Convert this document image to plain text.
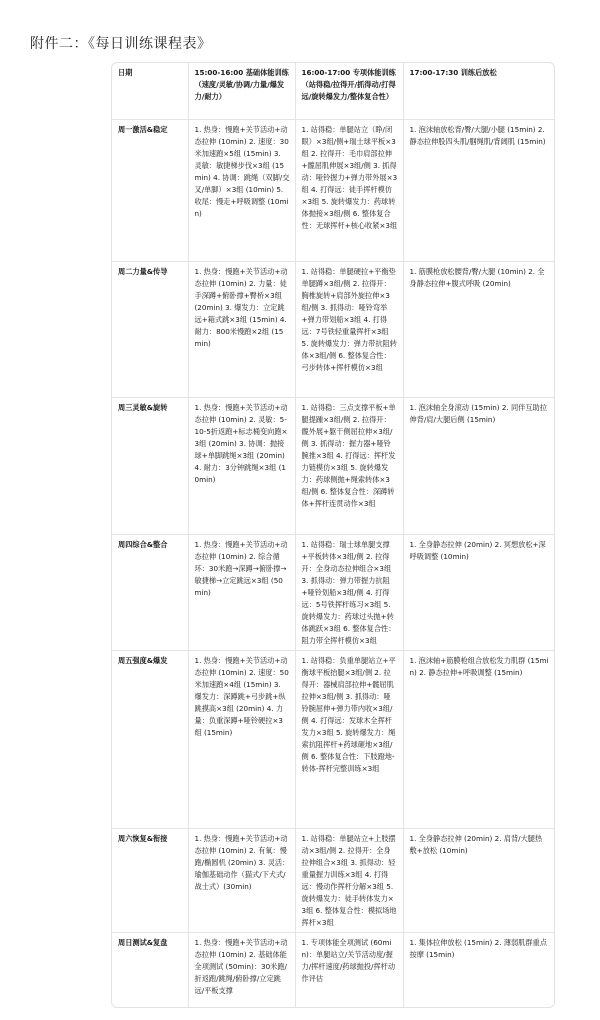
附件二：《每日训练课程表》
日期	15:00-16:00 基础体能训练（速度/灵敏/协调/力量/爆发力/耐力）	16:00-17:00 专项体能训练（站得稳/拉得开/抓得动/打得远/旋转爆发力/整体复合性）	17:00-17:30 训练后放松
周一激活&稳定	1. 热身：慢跑+关节活动+动态拉伸 (10min) 2. 速度：30米加速跑×5组 (15min) 3. 灵敏：敏捷梯步伐×3组 (15min) 4. 协调：跳绳（双脚/交叉/单脚）×3组 (10min) 5. 收尾：慢走+呼吸调整 (10min)	1. 站得稳：单腿站立（睁/闭眼）×3组/侧+瑞士球平板×3组 2. 拉得开：毛巾肩部拉伸+髋屈肌伸展×3组/侧 3. 抓得动：哑铃握力+弹力带外展×3组 4. 打得远：徒手挥杆模仿×3组 5. 旋转爆发力：药球转体抛接×3组/侧 6. 整体复合性：无球挥杆+核心收紧×3组	1. 泡沫轴放松背/臀/大腿/小腿 (15min) 2. 静态拉伸股四头肌/腘绳肌/背阔肌 (15min)
周二力量&传导	1. 热身：慢跑+关节活动+动态拉伸 (10min) 2. 力量：徒手深蹲+俯卧撑+臀桥×3组 (20min) 3. 爆发力：立定跳远+箱式跳×3组 (15min) 4. 耐力：800米慢跑×2组 (15min)	1. 站得稳：单腿硬拉+平衡垫单腿蹲×3组/侧 2. 拉得开：胸椎旋转+肩部外旋拉伸×3组/侧 3. 抓得动：哑铃弯举+弹力带划船×3组 4. 打得远：7号铁轻重量挥杆×3组 5. 旋转爆发力：弹力带抗阻转体×3组/侧 6. 整体复合性：弓步转体+挥杆模仿×3组	1. 筋膜枪放松腰背/臀/大腿 (10min) 2. 全身静态拉伸+腹式呼吸 (20min)
周三灵敏&旋转	1. 热身：慢跑+关节活动+动态拉伸 (10min) 2. 灵敏：5-10-5折返跑+标志桶变向跑×3组 (20min) 3. 协调：抛接球+单脚跳绳×3组 (20min) 4. 耐力：3分钟跳绳×3组 (10min)	1. 站得稳：三点支撑平板+单腿提踵×3组/侧 2. 拉得开：髋外展+躯干侧屈拉伸×3组/侧 3. 抓得动：握力器+哑铃腕推×3组 4. 打得远：挥杆发力链模仿×3组 5. 旋转爆发力：药球侧抛+绳索转体×3组/侧 6. 整体复合性：深蹲转体+挥杆连贯动作×3组	1. 泡沫轴全身滚动 (15min) 2. 同伴互助拉伸背/肩/大腿后侧 (15min)
周四综合&整合	1. 热身：慢跑+关节活动+动态拉伸 (10min) 2. 综合循环：30米跑→深蹲→俯卧撑→敏捷梯→立定跳远×3组 (50min)	1. 站得稳：瑞士球单腿支撑+平板转体×3组/侧 2. 拉得开：全身动态拉伸组合×3组 3. 抓得动：弹力带握力抗阻+哑铃划船×3组/侧 4. 打得远：5号铁挥杆练习×3组 5. 旋转爆发力：药球过头抛+转体跳跃×3组 6. 整体复合性：阻力带全挥杆模仿×3组	1. 全身静态拉伸 (20min) 2. 冥想放松+深呼吸调整 (10min)
周五强度&爆发	1. 热身：慢跑+关节活动+动态拉伸 (10min) 2. 速度：50米加速跑×4组 (15min) 3. 爆发力：深蹲跳+弓步跳+纵跳摸高×3组 (20min) 4. 力量：负重深蹲+哑铃硬拉×3组 (15min)	1. 站得稳：负重单腿站立+平衡球平板抬腿×3组/侧 2. 拉得开：器械肩部拉伸+髋屈肌拉伸×3组/侧 3. 抓得动：哑铃腕屈伸+弹力带内收×3组/侧 4. 打得远：发球木全挥杆发力×3组 5. 旋转爆发力：绳索抗阻挥杆+药球砸地×3组/侧 6. 整体复合性：下肢蹬地-转体-挥杆完整训练×3组	1. 泡沫轴+筋膜枪组合放松发力肌群 (15min) 2. 静态拉伸+呼吸调整 (15min)
周六恢复&衔接	1. 热身：慢跑+关节活动+动态拉伸 (10min) 2. 有氧：慢跑/椭圆机 (20min) 3. 灵活：瑜伽基础动作（猫式/下犬式/战士式）(30min)	1. 站得稳：单腿站立+上肢摆动×3组/侧 2. 拉得开：全身拉伸组合×3组 3. 抓得动：轻重量握力训练×3组 4. 打得远：慢动作挥杆分解×3组 5. 旋转爆发力：徒手转体发力×3组 6. 整体复合性：模拟场地挥杆×3组	1. 全身静态拉伸 (20min) 2. 肩背/大腿热敷+放松 (10min)
周日测试&复盘	1. 热身：慢跑+关节活动+动态拉伸 (10min) 2. 基础体能全项测试 (50min)：30米跑/折返跑/跳绳/俯卧撑/立定跳远/平板支撑	1. 专项体能全项测试 (60min)：单腿站立/关节活动度/握力/挥杆速度/药球抛投/挥杆动作评估	1. 集体拉伸放松 (15min) 2. 薄弱肌群重点按摩 (15min)
